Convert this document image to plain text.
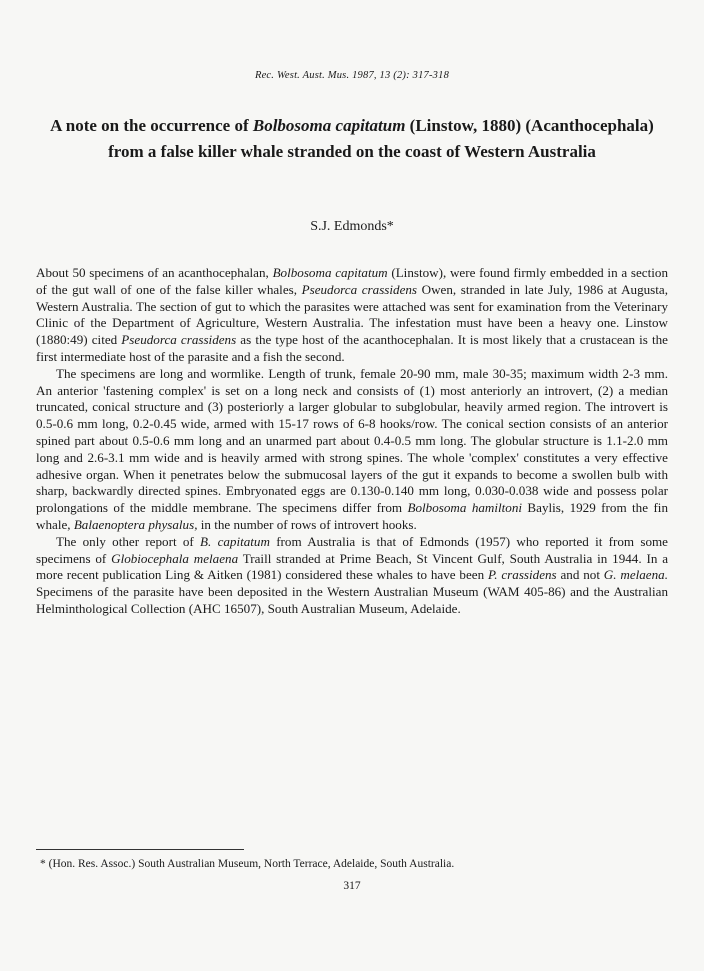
Rec. West. Aust. Mus. 1987, 13 (2): 317-318
A note on the occurrence of Bolbosoma capitatum (Linstow, 1880) (Acanthocephala) from a false killer whale stranded on the coast of Western Australia
S.J. Edmonds*

About 50 specimens of an acanthocephalan, Bolbosoma capitatum (Linstow), were found firmly embedded in a section of the gut wall of one of the false killer whales, Pseudorca crassidens Owen, stranded in late July, 1986 at Augusta, Western Australia. The section of gut to which the parasites were attached was sent for examination from the Veterinary Clinic of the Department of Agriculture, Western Australia. The infestation must have been a heavy one. Linstow (1880:49) cited Pseudorca crassidens as the type host of the acanthocephalan. It is most likely that a crustacean is the first intermediate host of the parasite and a fish the second.

The specimens are long and wormlike. Length of trunk, female 20-90 mm, male 30-35; maximum width 2-3 mm. An anterior 'fastening complex' is set on a long neck and consists of (1) most anteriorly an introvert, (2) a median truncated, conical structure and (3) posteriorly a larger globular to subglobular, heavily armed region. The introvert is 0.5-0.6 mm long, 0.2-0.45 wide, armed with 15-17 rows of 6-8 hooks/row. The conical section consists of an anterior spined part about 0.5-0.6 mm long and an unarmed part about 0.4-0.5 mm long. The globular structure is 1.1-2.0 mm long and 2.6-3.1 mm wide and is heavily armed with strong spines. The whole 'complex' constitutes a very effective adhesive organ. When it penetrates below the submucosal layers of the gut it expands to become a swollen bulb with sharp, backwardly directed spines. Embryonated eggs are 0.130-0.140 mm long, 0.030-0.038 wide and possess polar prolongations of the middle membrane. The specimens differ from Bolbosoma hamiltoni Baylis, 1929 from the fin whale, Balaenoptera physalus, in the number of rows of introvert hooks.

The only other report of B. capitatum from Australia is that of Edmonds (1957) who reported it from some specimens of Globiocephala melaena Traill stranded at Prime Beach, St Vincent Gulf, South Australia in 1944. In a more recent publication Ling & Aitken (1981) considered these whales to have been P. crassidens and not G. melaena. Specimens of the parasite have been deposited in the Western Australian Museum (WAM 405-86) and the Australian Helminthological Collection (AHC 16507), South Australian Museum, Adelaide.

* (Hon. Res. Assoc.) South Australian Museum, North Terrace, Adelaide, South Australia.
317
